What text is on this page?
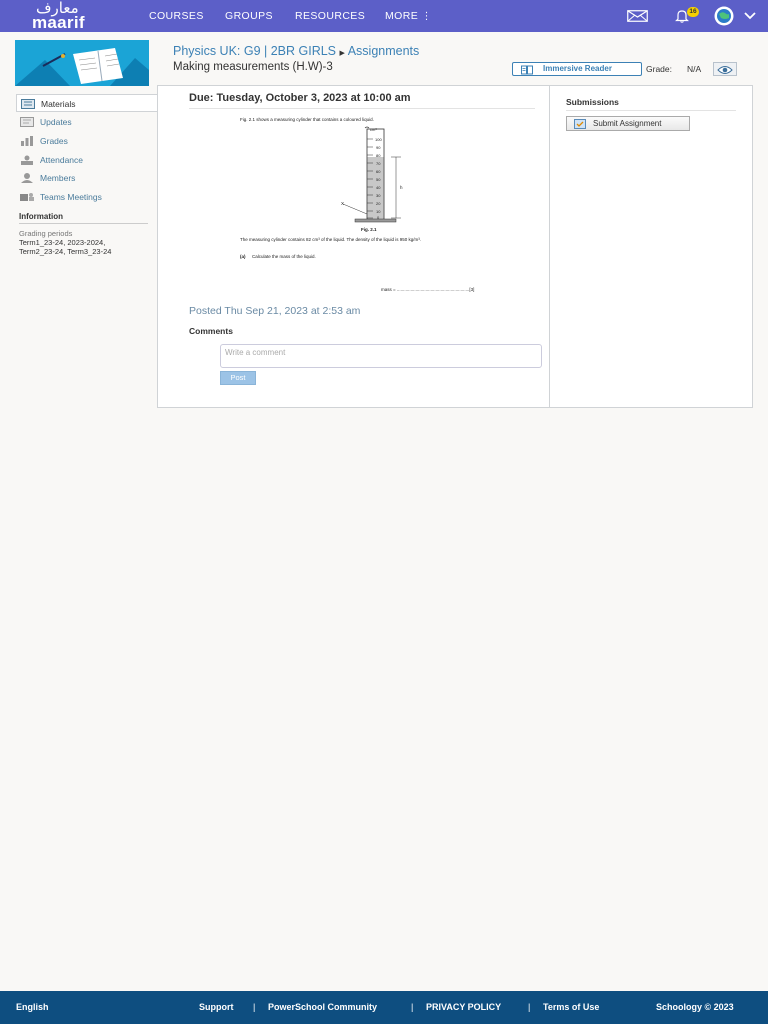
معارف
maarif	COURSES GROUPS RESOURCES MORE ⋮	16
Materials
Updates
Grades
Attendance
Members
Teams Meetings
Information
Grading periods
Term1_23-24, 2023-2024,
Term2_23-24, Term3_23-24
Physics UK: G9 | 2BR GIRLS ▶ Assignments
Making measurements (H.W)-3	Immersive Reader	Grade: N/A
Due: Tuesday, October 3, 2023 at 10:00 am
Fig. 2.1 shows a measuring cylinder that contains a coloured liquid.
cm³
100
90
80
70
60
50
40
30
20
10
0
h
X
Fig. 2.1
The measuring cylinder contains 82 cm³ of the liquid. The density of the liquid is 950 kg/m³.
(a) Calculate the mass of the liquid.
mass = ..........................................................[3]
Posted Thu Sep 21, 2023 at 2:53 am
Comments
Write a comment
Post
Submissions
Submit Assignment
English	Support | PowerSchool Community	| PRIVACY POLICY	| Terms of Use	Schoology © 2023
